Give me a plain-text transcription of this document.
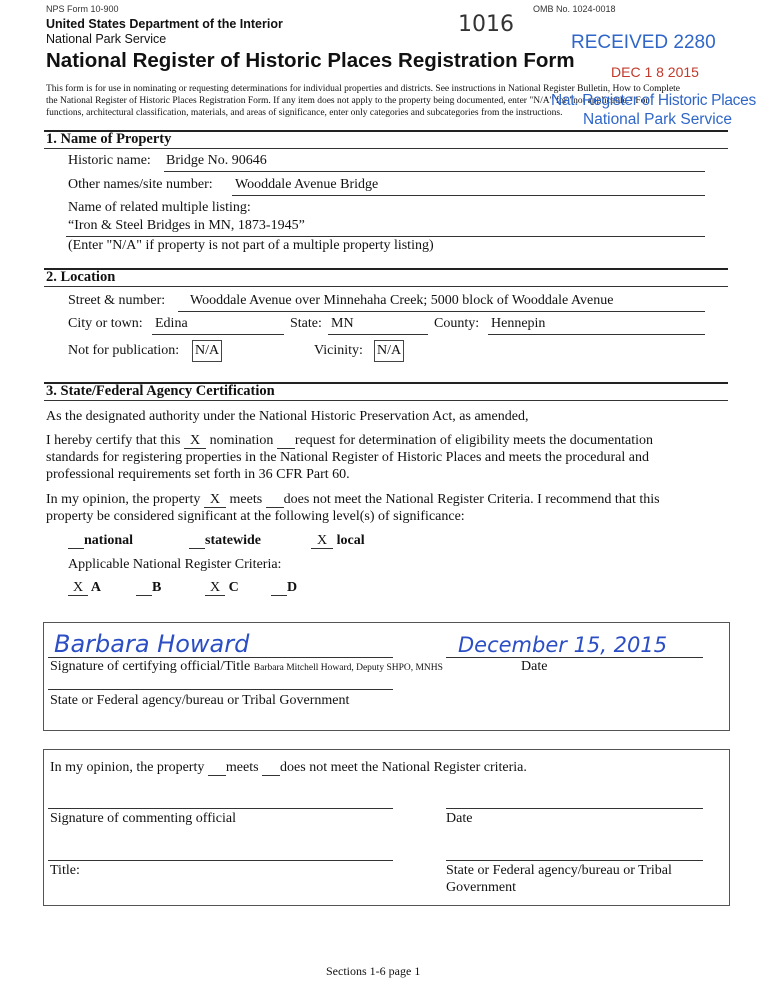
NPS Form 10-900	OMB No. 1024-0018
United States Department of the Interior
National Park Service
1016
National Register of Historic Places Registration Form
RECEIVED 2280
DEC 1 8 2015
This form is for use in nominating or requesting determinations for individual properties and districts. See instructions in National Register Bulletin, How to Complete
the National Register of Historic Places Registration Form. If any item does not apply to the property being documented, enter "N/A" for "not applicable." For
functions, architectural classification, materials, and areas of significance, enter only categories and subcategories from the instructions.
Nat. Register of Historic Places
National Park Service
1. Name of Property
Historic name: Bridge No. 90646
Other names/site number: Wooddale Avenue Bridge
Name of related multiple listing:
“Iron & Steel Bridges in MN, 1873-1945”
(Enter "N/A" if property is not part of a multiple property listing)
2. Location
Street & number: Wooddale Avenue over Minnehaha Creek; 5000 block of Wooddale Avenue
City or town: Edina	State: MN	County: Hennepin
Not for publication: N/A	Vicinity: N/A
3. State/Federal Agency Certification
As the designated authority under the National Historic Preservation Act, as amended,
I hereby certify that this X nomination request for determination of eligibility meets the documentation
standards for registering properties in the National Register of Historic Places and meets the procedural and
professional requirements set forth in 36 CFR Part 60.
In my opinion, the property X meets does not meet the National Register Criteria. I recommend that this
property be considered significant at the following level(s) of significance:
national	statewide	X local
Applicable National Register Criteria:
X A	B	X C	D
Barbara Howard	December 15, 2015
Signature of certifying official/Title Barbara Mitchell Howard, Deputy SHPO, MNHS	Date
State or Federal agency/bureau or Tribal Government
In my opinion, the property meets does not meet the National Register criteria.
Signature of commenting official	Date
Title:	State or Federal agency/bureau or Tribal
Government
Sections 1-6 page 1
